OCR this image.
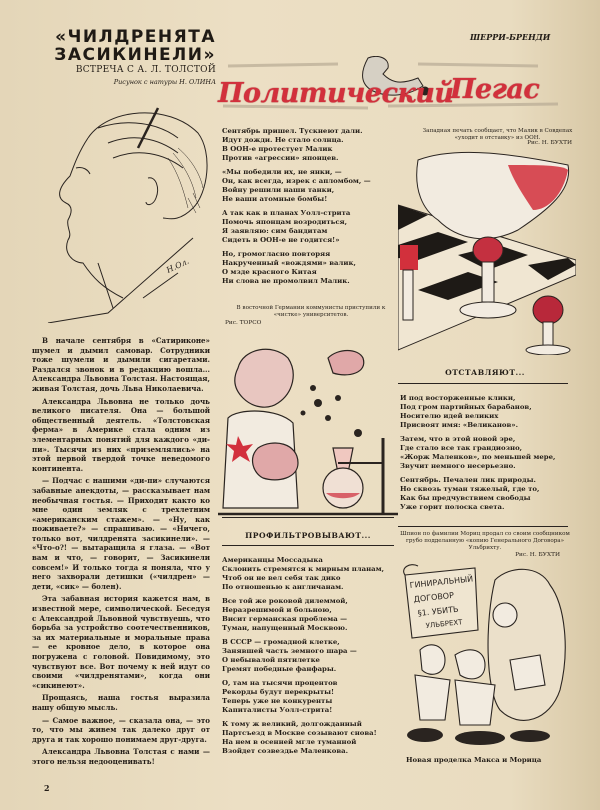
«ЧИЛДРЕНЯТА
ЗАСИКИНЕЛИ»
ВСТРЕЧА С А. Л. ТОЛСТОЙ
Рисунок с натуры Н. ОЛИНА
Н.Ол.

В начале сентября в «Сатириконе» шумел и дымил самовар. Сотрудники тоже шумели и дымили сигаретами. Раздался звонок и в редакцию вошла... Александра Львовна Толстая. Настоящая, живая Толстая, дочь Льва Николаевича.

Александра Львовна не только дочь великого писателя. Она — большой общественный деятель. «Толстовская ферма» в Америке стала одним из элементарных понятий для каждого «ди-пи». Тысячи из них «приземлялись» на этой первой твердой точке неведомого континента.

— Подчас с нашими «ди-пи» случаются забавные анекдоты, — рассказывает нам необычная гостья. — Приходит както ко мне один земляк с трехлетним «американским стажем». — «Ну, как поживаете?» — спрашиваю. — «Ничего, только вот, чилдренята засикинели». — «Что-о?! — вытаращила я глаза. — «Вот вам и что, — говорит, — Засикинели совсем!» И только тогда я поняла, что у него захворали детишки («чилдрен» — дети, «сик» — болен).

Эта забавная история кажется нам, в известной мере, символической. Беседуя с Александрой Львовной чувствуешь, что борьба за устройство соотечественников, за их материальные и моральные права — ее кровное дело, в которое она погружена с головой. Повидимому, это чувствуют все. Вот почему к ней идут со своими «чилдренятами», когда они «сикинеют».

Прощаясь, наша гостья выразила нашу общую мысль.

— Самое важное, — сказала она, — это то, что мы живем так далеко друг от друга и так хорошо понимаем друг-друга.

Александра Львовна Толстая с нами — этого нельзя недооценивать!

2
ШЕРРИ-БРЕНДИ
Политический
Пегас
Сентябрь пришел. Тускнеют дали.
Идут дожди. Не стало солнца.
В ООН-е протестует Малик
Против «агрессии» японцев.
«Мы победили их, не янки, —
Он, как всегда, изрек с апломбом, —
Войну решили наши танки,
Не ваши атомные бомбы!
А так как в планах Уолл-стрита
Помочь японцам возродиться,
Я заявляю: сим бандитам
Сидеть в ООН-е не годится!»
Но, громогласно повторяя
Накрученный «вождями» валик,
О мзде красного Китая
Ни слова не промолвил Малик.
В восточной Германии коммунисты приступили к «чистке» университетов.
Рис. ТОРСО
ПРОФИЛЬТРОВЫВАЮТ...
Американцы Моссадыка
Склонить стремятся к мирным планам,
Чтоб он не вел себя так дико
По отношенью к англичанам.
Все той же роковой дилеммой,
Неразрешимой и больною,
Висит германская проблема —
Туман, напущенный Москвою.
В СССР — громадной клетке,
Занявшей часть земного шара —
О небывалой пятилетке
Гремят победные фанфары.
О, там на тысячи процентов
Рекорды будут перекрыты!
Теперь уже не конкуренты
Капиталисты Уолл-стрита!
К тому ж великий, долгожданный
Партсъезд в Москве созывают снова!
На нем в осенней мгле туманной
Взойдет созвездье Маленкова.
Западная печать сообщает, что Малик в Совдепах «уходит в отставку» из ООН.
Рис. Н. БУХТИ
ОТСТАВЛЯЮТ...
И под восторженные клики,
Под гром партийных барабанов,
Носителю идей великих
Присвоят имя: «Великанов».
Затем, что в этой новой эре,
Где стало все так грандиозно,
«Жорж Маленков», по меньшей мере,
Звучит немного несерьезно.
Сентябрь. Печален лик природы.
Но сквозь туман тяжелый, где то,
Как бы предчувствием свободы
Уже горит полоска света.
Шпион по фамилии Мориц продал со своим сообщником грубо подделанную «копию Генерального Договора» Ульбрихту.
Рис. Н. БУХТИ
ГИНИРАЛЬНЫЙ
ДОГОВОР
§1. УБИТЬ
УЛЬБРЕХТ
Новая проделка Макса и Морица
